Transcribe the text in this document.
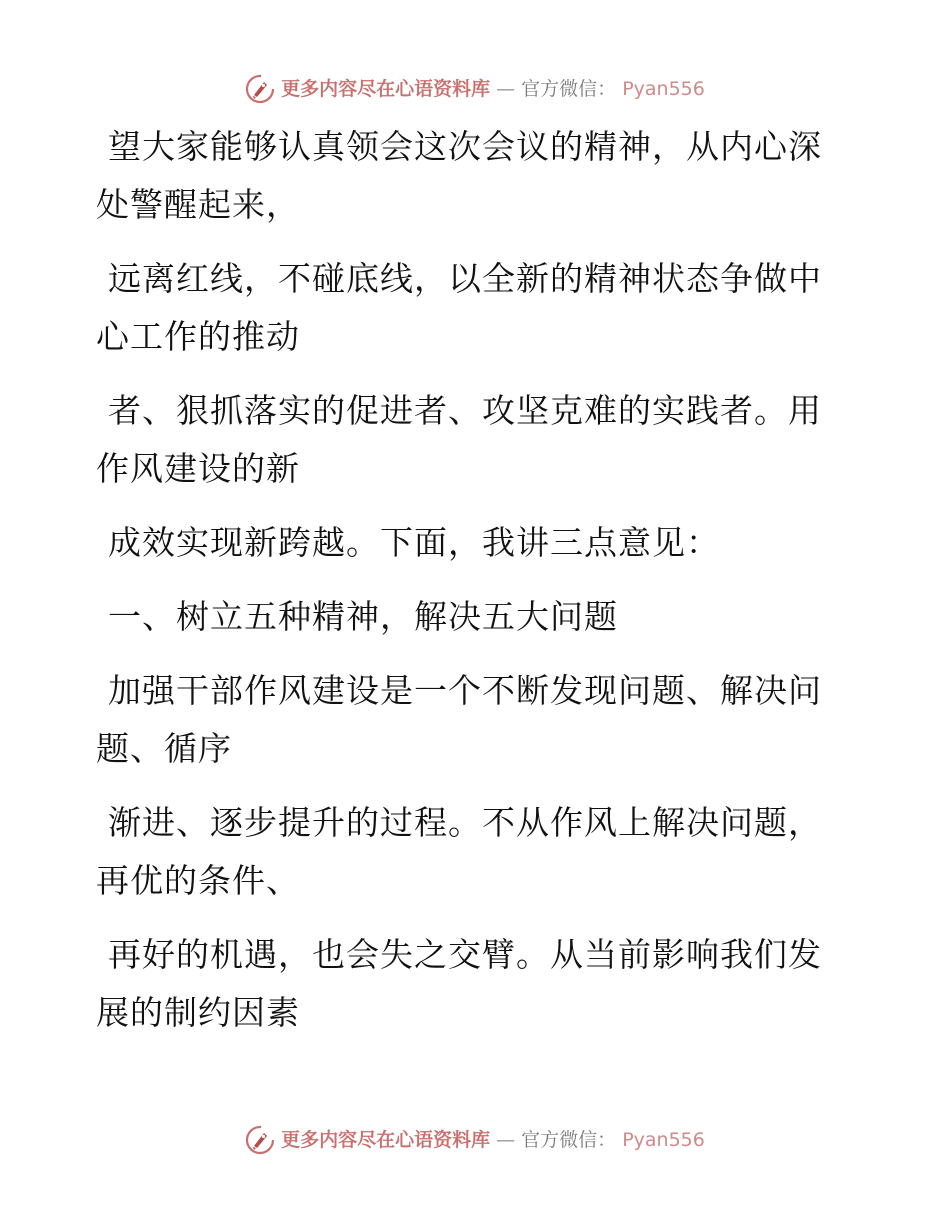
更多内容尽在心语资料库 — 官方微信： Pyan556

望大家能够认真领会这次会议的精神，从内心深
处警醒起来，

远离红线，不碰底线，以全新的精神状态争做中
心工作的推动

者、狠抓落实的促进者、攻坚克难的实践者。用
作风建设的新

成效实现新跨越。下面，我讲三点意见：

一、树立五种精神，解决五大问题

加强干部作风建设是一个不断发现问题、解决问
题、循序

渐进、逐步提升的过程。不从作风上解决问题，
再优的条件、

再好的机遇，也会失之交臂。从当前影响我们发
展的制约因素

更多内容尽在心语资料库 — 官方微信： Pyan556
